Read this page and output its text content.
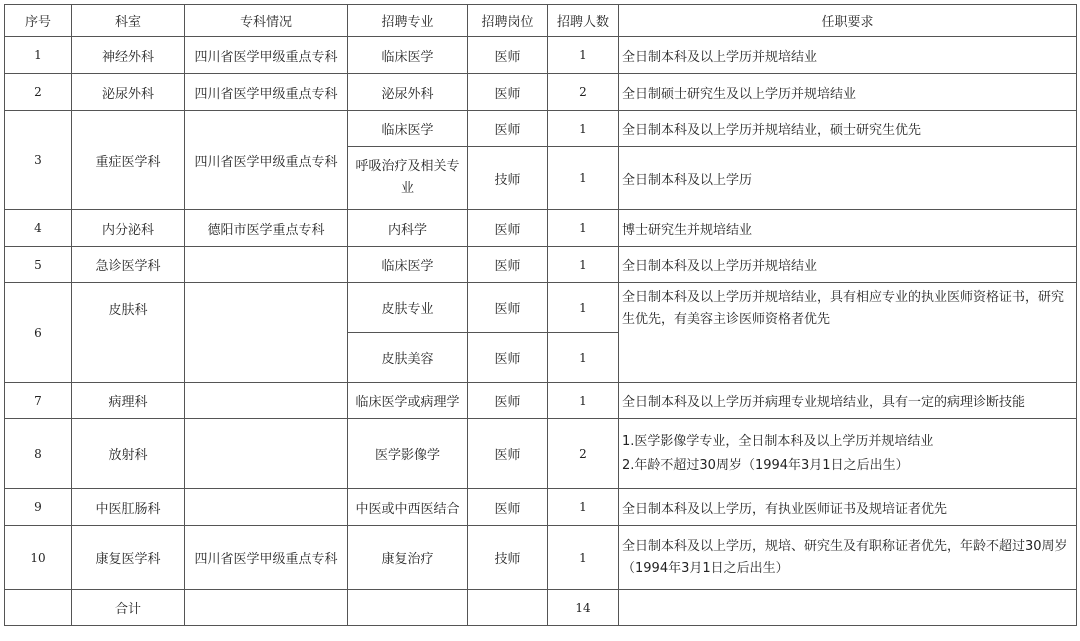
序号	科室	专科情况	招聘专业	招聘岗位	招聘人数	任职要求
1	神经外科	四川省医学甲级重点专科	临床医学	医师	1	全日制本科及以上学历并规培结业
2	泌尿外科	四川省医学甲级重点专科	泌尿外科	医师	2	全日制硕士研究生及以上学历并规培结业
3	重症医学科	四川省医学甲级重点专科	临床医学	医师	1	全日制本科及以上学历并规培结业，硕士研究生优先
			呼吸治疗及相关专业	技师	1	全日制本科及以上学历
4	内分泌科	德阳市医学重点专科	内科学	医师	1	博士研究生并规培结业
5	急诊医学科		临床医学	医师	1	全日制本科及以上学历并规培结业
6	皮肤科		皮肤专业	医师	1	全日制本科及以上学历并规培结业，具有相应专业的执业医师资格证书，研究生优先，有美容主诊医师资格者优先
			皮肤美容	医师	1	
7	病理科		临床医学或病理学	医师	1	全日制本科及以上学历并病理专业规培结业，具有一定的病理诊断技能
8	放射科		医学影像学	医师	2	1.医学影像学专业，全日制本科及以上学历并规培结业
2.年龄不超过30周岁（1994年3月1日之后出生）

9	中医肛肠科		中医或中西医结合	医师	1	全日制本科及以上学历，有执业医师证书及规培证者优先
10	康复医学科	四川省医学甲级重点专科	康复治疗	技师	1	全日制本科及以上学历，规培、研究生及有职称证者优先，年龄不超过30周岁（1994年3月1日之后出生）
	合计				14	
